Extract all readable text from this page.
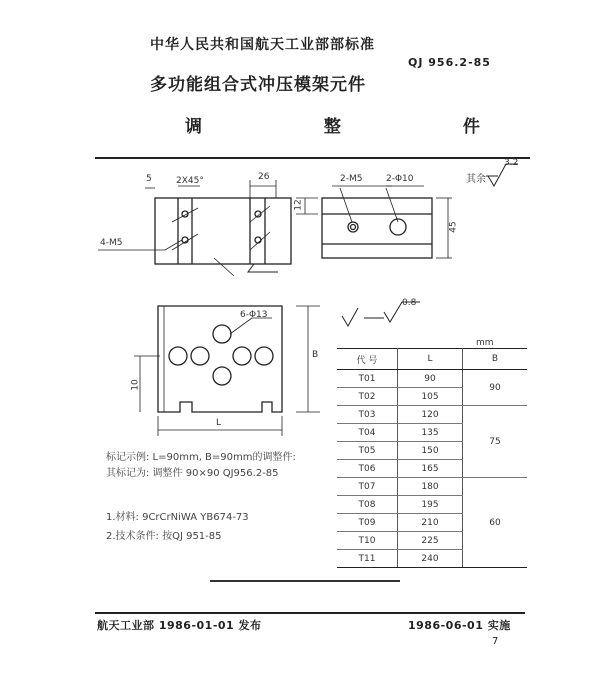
中华人民共和国航天工业部部标准
QJ 956.2-85
多功能组合式冲压模架元件
调 整 件
5	2X45°	26
4-M5
12
2-M5	2-Φ10
45
其余
3.2
6-Φ13
B
10
L
0.8
mm
代 号	L	B
T01	90	90
T02	105	
T03	120	75
T04	135	
T05	150	
T06	165	
T07	180	60
T08	195	
T09	210	
T10	225	
T11	240	
标记示例: L=90mm, B=90mm的调整件:
其标记为: 调整件 90×90 QJ956.2-85
1.材料: 9CrCrNiWA YB674-73
2.技术条件: 按QJ 951-85
航天工业部 1986-01-01 发布	1986-06-01 实施
7
